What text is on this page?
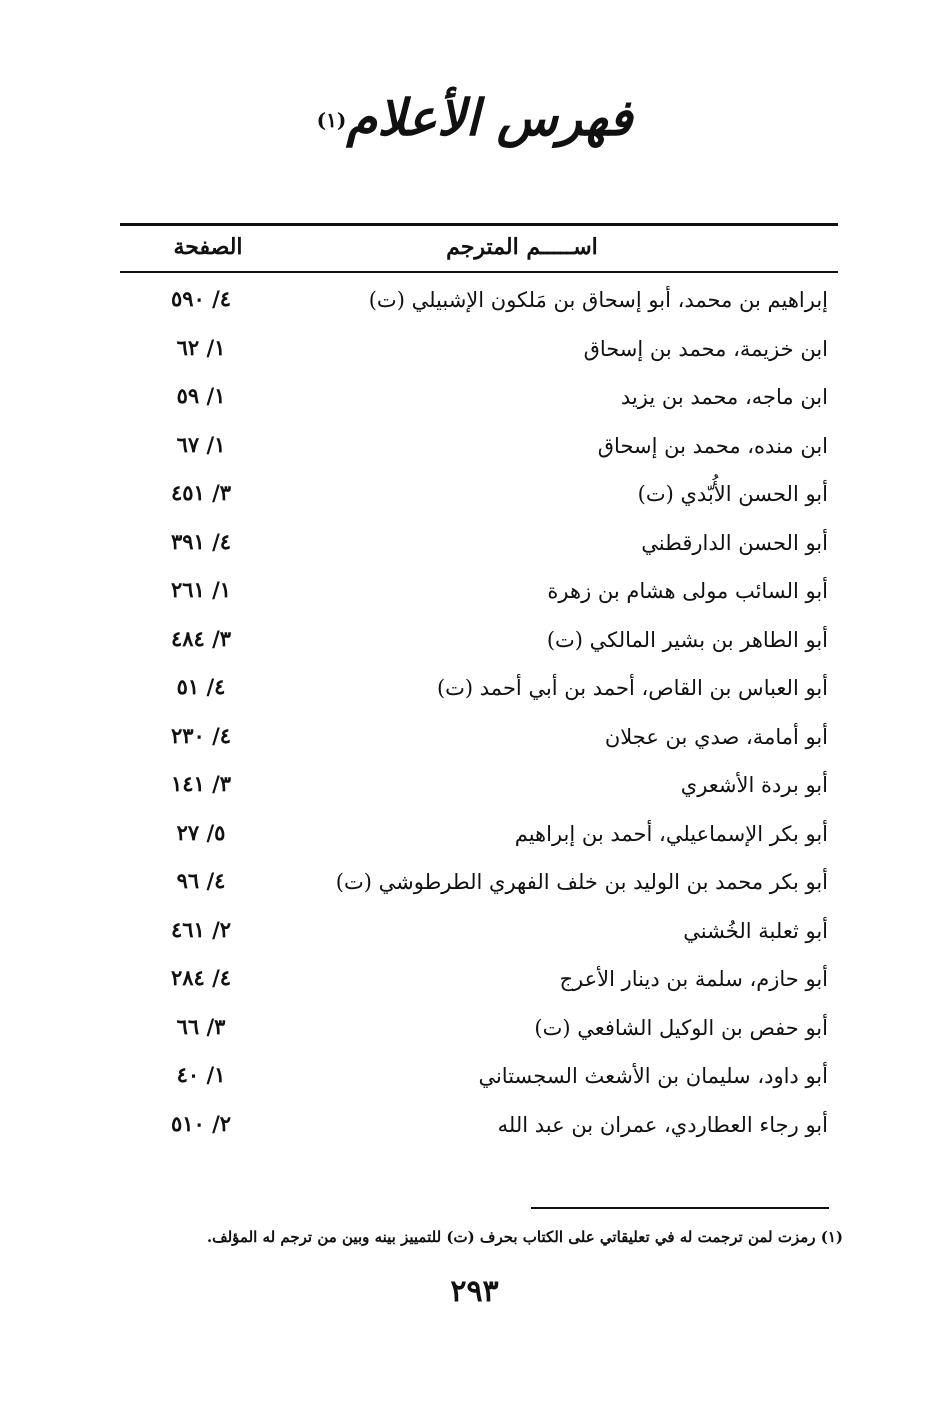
فهرس الأعلام$^{(١)}$
اســـــم المترجم
الصفحة
إبراهيم بن محمد، أبو إسحاق بن مَلكون الإشبيلي (ت)
٤/ ٥٩٠
ابن خزيمة، محمد بن إسحاق
١/ ٦٢
ابن ماجه، محمد بن يزيد
١/ ٥٩
ابن منده، محمد بن إسحاق
١/ ٦٧
أبو الحسن الأُبّدي (ت)
٣/ ٤٥١
أبو الحسن الدارقطني
٤/ ٣٩١
أبو السائب مولى هشام بن زهرة
١/ ٢٦١
أبو الطاهر بن بشير المالكي (ت)
٣/ ٤٨٤
أبو العباس بن القاص، أحمد بن أبي أحمد (ت)
٤/ ٥١
أبو أمامة، صدي بن عجلان
٤/ ٢٣٠
أبو بردة الأشعري
٣/ ١٤١
أبو بكر الإسماعيلي، أحمد بن إبراهيم
٥/ ٢٧
أبو بكر محمد بن الوليد بن خلف الفهري الطرطوشي (ت)
٤/ ٩٦
أبو ثعلبة الخُشني
٢/ ٤٦١
أبو حازم، سلمة بن دينار الأعرج
٤/ ٢٨٤
أبو حفص بن الوكيل الشافعي (ت)
٣/ ٦٦
أبو داود، سليمان بن الأشعث السجستاني
١/ ٤٠
أبو رجاء العطاردي، عمران بن عبد الله
٢/ ٥١٠
(١) رمزت لمن ترجمت له في تعليقاتي على الكتاب بحرف (ت) للتمييز بينه وبين من ترجم له المؤلف.
٢٩٣
